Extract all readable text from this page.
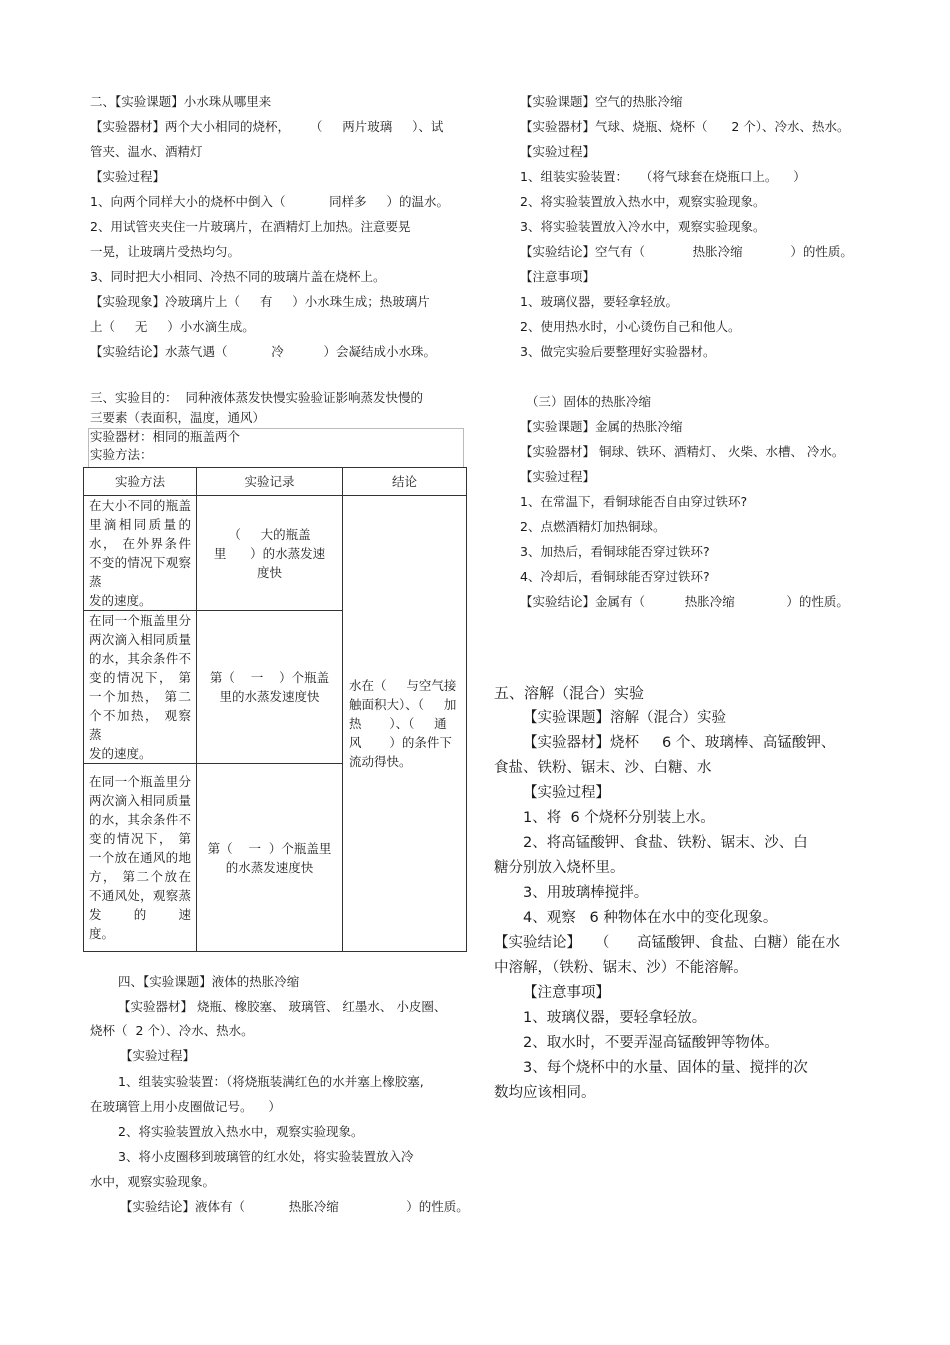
二、【实验课题】小水珠从哪里来
【实验器材】两个大小相同的烧杯，     （     两片玻璃     ）、试
管夹、温水、酒精灯
【实验过程】
1、向两个同样大小的烧杯中倒入（           同样多     ）的温水。
2、用试管夹夹住一片玻璃片，在酒精灯上加热。注意要晃
一晃，让玻璃片受热均匀。
3、同时把大小相同、冷热不同的玻璃片盖在烧杯上。
【实验现象】冷玻璃片上（     有     ）小水珠生成；热玻璃片
上（     无     ）小水滴生成。
【实验结论】水蒸气遇（           冷          ）会凝结成小水珠。
三、实验目的：  同种液体蒸发快慢实验验证影响蒸发快慢的
三要素（表面积，温度，通风）
实验器材：相同的瓶盖两个
实验方法：
实验方法	实验记录	结论
在大小不同的瓶盖里滴相同质量的水， 在外界条件不变的情况下观察蒸
发的速度。	（     大的瓶盖
里      ）的水蒸发速
度快	水在（     与空气接
触面积大）、（     加
热       ）、（     通
风       ）的条件下
流动得快。
在同一个瓶盖里分两次滴入相同质量的水，其余条件不变的情况下， 第一个加热， 第二个不加热， 观察蒸
发的速度。	第（    一    ）个瓶盖
里的水蒸发速度快	
在同一个瓶盖里分两次滴入相同质量的水，其余条件不变的情况下， 第一个放在通风的地方， 第二个放在不通风处，观察蒸发的速
度。	第（    一  ）个瓶盖里
的水蒸发速度快	
四、【实验课题】液体的热胀冷缩
【实验器材】 烧瓶、橡胶塞、 玻璃管、 红墨水、 小皮圈、
烧杯（  2 个）、冷水、热水。
【实验过程】
1、组装实验装置：（将烧瓶装满红色的水并塞上橡胶塞,
在玻璃管上用小皮圈做记号。    ）
2、将实验装置放入热水中，观察实验现象。
3、将小皮圈移到玻璃管的红水处，将实验装置放入冷
水中，观察实验现象。
【实验结论】液体有（           热胀冷缩                 ）的性质。
【实验课题】空气的热胀冷缩
【实验器材】气球、烧瓶、烧杯（      2 个）、冷水、热水。
【实验过程】
1、组装实验装置：   （将气球套在烧瓶口上。    ）
2、将实验装置放入热水中，观察实验现象。
3、将实验装置放入冷水中，观察实验现象。
【实验结论】空气有（            热胀冷缩            ）的性质。
【注意事项】
1、玻璃仪器，要轻拿轻放。
2、使用热水时，小心烫伤自己和他人。
3、做完实验后要整理好实验器材。
（三）固体的热胀冷缩
【实验课题】金属的热胀冷缩
【实验器材】 铜球、铁环、酒精灯、 火柴、水槽、 冷水。
【实验过程】
1、在常温下，看铜球能否自由穿过铁环?
2、点燃酒精灯加热铜球。
3、加热后，看铜球能否穿过铁环?
4、冷却后，看铜球能否穿过铁环?
【实验结论】金属有（          热胀冷缩             ）的性质。
五、溶解（混合）实验
【实验课题】溶解（混合）实验
【实验器材】烧杯     6 个、玻璃棒、高锰酸钾、
食盐、铁粉、锯末、沙、白糖、水
【实验过程】
1、将  6 个烧杯分别装上水。
2、将高锰酸钾、食盐、铁粉、锯末、沙、白
糖分别放入烧杯里。
3、用玻璃棒搅拌。
4、观察   6 种物体在水中的变化现象。
【实验结论】   （      高锰酸钾、食盐、白糖）能在水
中溶解，（铁粉、锯末、沙）不能溶解。
【注意事项】
1、玻璃仪器，要轻拿轻放。
2、取水时，不要弄湿高锰酸钾等物体。
3、每个烧杯中的水量、固体的量、搅拌的次
数均应该相同。
